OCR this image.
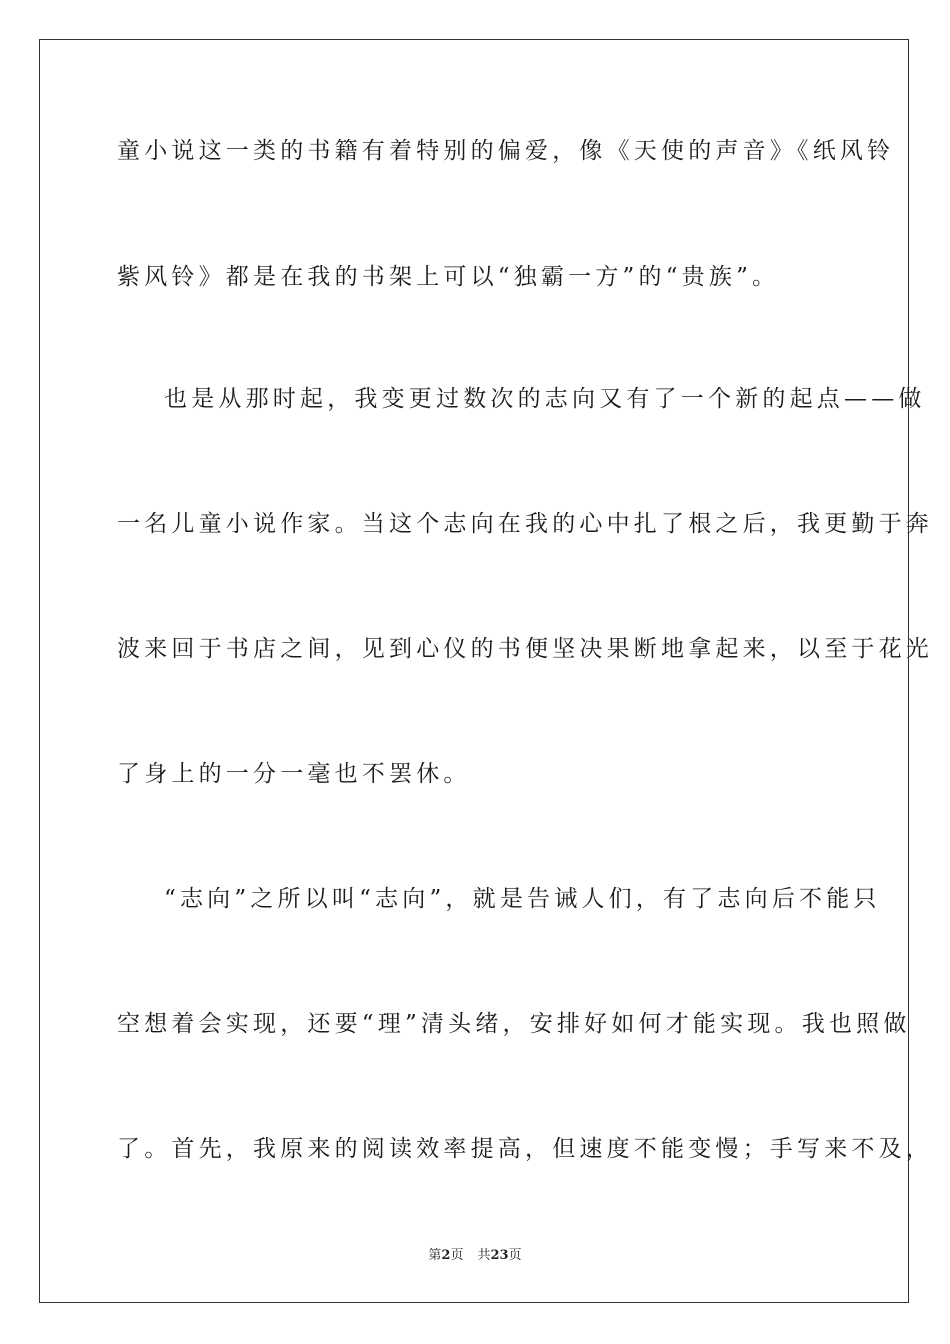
童小说这一类的书籍有着特别的偏爱，像《天使的声音》《纸风铃
紫风铃》都是在我的书架上可以“独霸一方”的“贵族”。
也是从那时起，我变更过数次的志向又有了一个新的起点——做
一名儿童小说作家。当这个志向在我的心中扎了根之后，我更勤于奔
波来回于书店之间，见到心仪的书便坚决果断地拿起来，以至于花光
了身上的一分一毫也不罢休。
“志向”之所以叫“志向”，就是告诫人们，有了志向后不能只
空想着会实现，还要“理”清头绪，安排好如何才能实现。我也照做
了。首先，我原来的阅读效率提高，但速度不能变慢；手写来不及，
第2页 共23页
